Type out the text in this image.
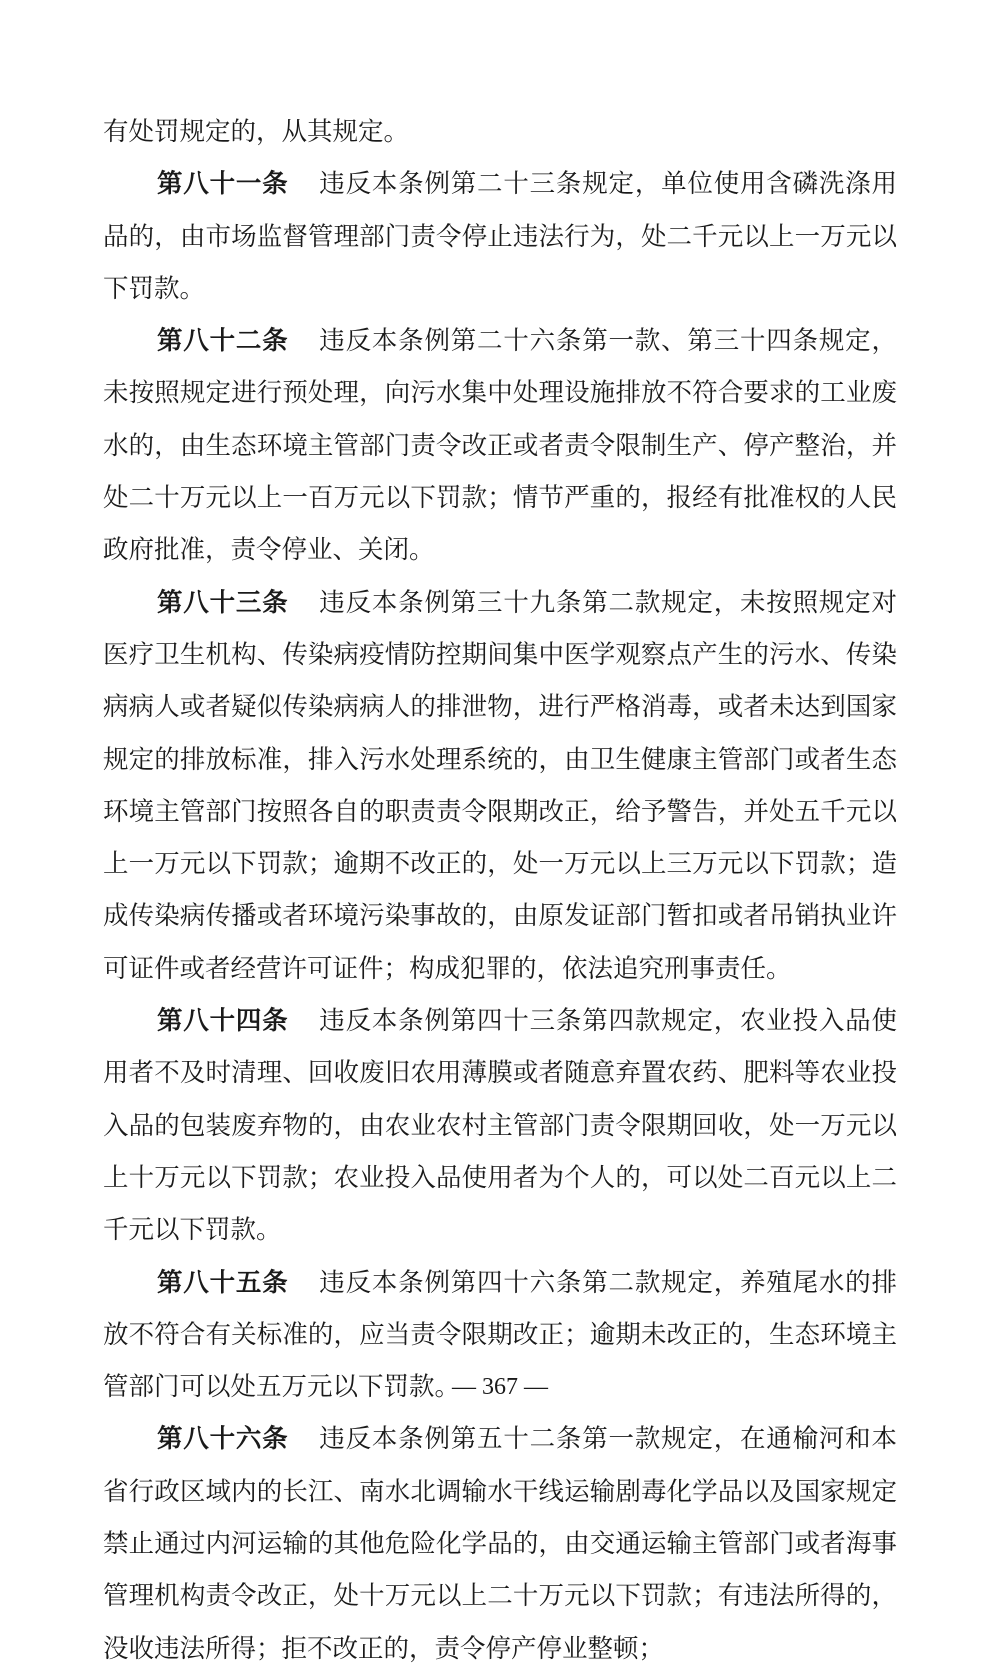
有处罚规定的，从其规定。

第八十一条 违反本条例第二十三条规定，单位使用含磷洗涤用品的，由市场监督管理部门责令停止违法行为，处二千元以上一万元以下罚款。

第八十二条 违反本条例第二十六条第一款、第三十四条规定，未按照规定进行预处理，向污水集中处理设施排放不符合要求的工业废水的，由生态环境主管部门责令改正或者责令限制生产、停产整治，并处二十万元以上一百万元以下罚款；情节严重的，报经有批准权的人民政府批准，责令停业、关闭。

第八十三条 违反本条例第三十九条第二款规定，未按照规定对医疗卫生机构、传染病疫情防控期间集中医学观察点产生的污水、传染病病人或者疑似传染病病人的排泄物，进行严格消毒，或者未达到国家规定的排放标准，排入污水处理系统的，由卫生健康主管部门或者生态环境主管部门按照各自的职责责令限期改正，给予警告，并处五千元以上一万元以下罚款；逾期不改正的，处一万元以上三万元以下罚款；造成传染病传播或者环境污染事故的，由原发证部门暂扣或者吊销执业许可证件或者经营许可证件；构成犯罪的，依法追究刑事责任。

第八十四条 违反本条例第四十三条第四款规定，农业投入品使用者不及时清理、回收废旧农用薄膜或者随意弃置农药、肥料等农业投入品的包装废弃物的，由农业农村主管部门责令限期回收，处一万元以上十万元以下罚款；农业投入品使用者为个人的，可以处二百元以上二千元以下罚款。

第八十五条 违反本条例第四十六条第二款规定，养殖尾水的排放不符合有关标准的，应当责令限期改正；逾期未改正的，生态环境主管部门可以处五万元以下罚款。

第八十六条 违反本条例第五十二条第一款规定，在通榆河和本省行政区域内的长江、南水北调输水干线运输剧毒化学品以及国家规定禁止通过内河运输的其他危险化学品的，由交通运输主管部门或者海事管理机构责令改正，处十万元以上二十万元以下罚款；有违法所得的，没收违法所得；拒不改正的，责令停产停业整顿；

— 367 —
